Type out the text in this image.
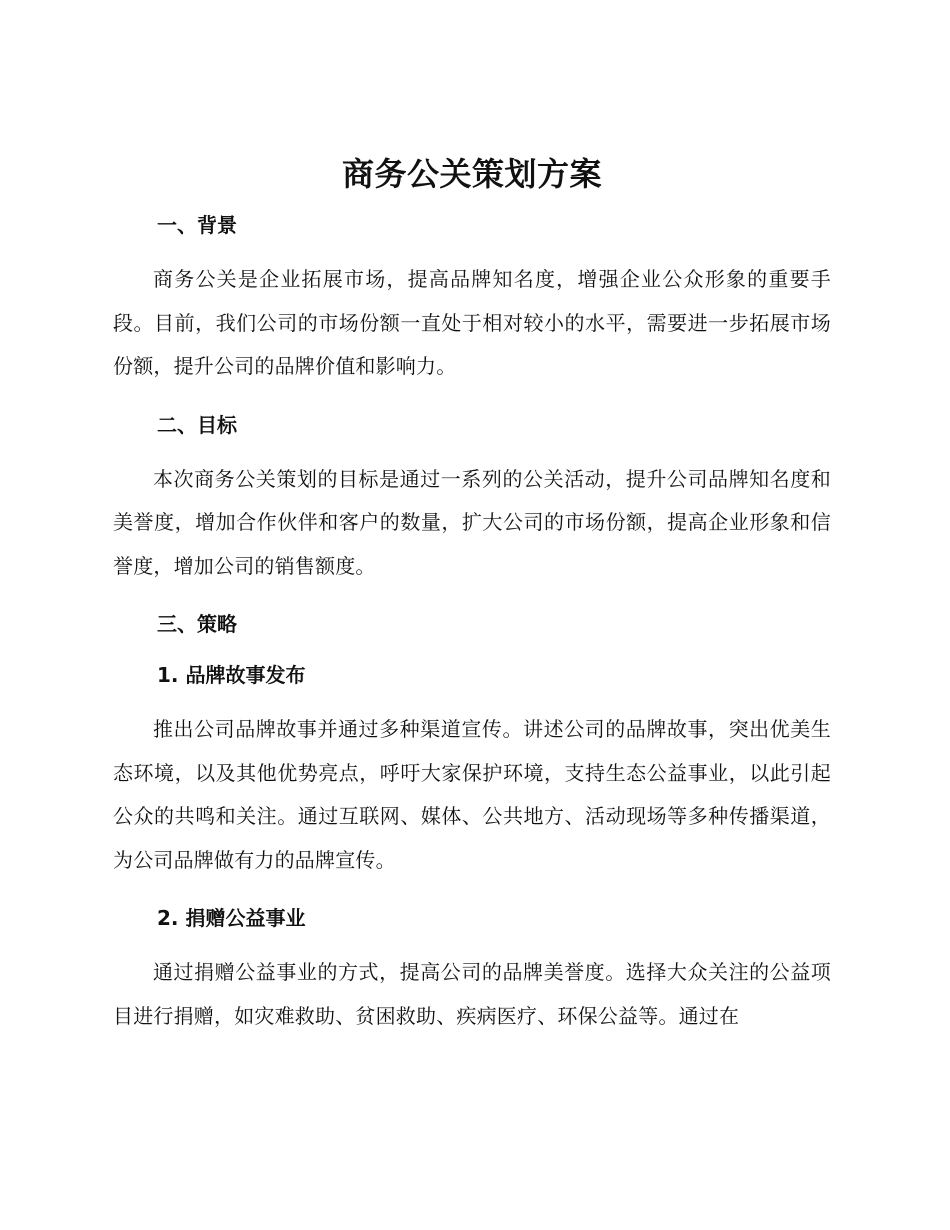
商务公关策划方案
一、背景

商务公关是企业拓展市场，提高品牌知名度，增强企业公众形象的重要手段。目前，我们公司的市场份额一直处于相对较小的水平，需要进一步拓展市场份额，提升公司的品牌价值和影响力。

二、目标

本次商务公关策划的目标是通过一系列的公关活动，提升公司品牌知名度和美誉度，增加合作伙伴和客户的数量，扩大公司的市场份额，提高企业形象和信誉度，增加公司的销售额度。

三、策略
1. 品牌故事发布

推出公司品牌故事并通过多种渠道宣传。讲述公司的品牌故事，突出优美生态环境，以及其他优势亮点，呼吁大家保护环境，支持生态公益事业，以此引起公众的共鸣和关注。通过互联网、媒体、公共地方、活动现场等多种传播渠道，为公司品牌做有力的品牌宣传。

2. 捐赠公益事业

通过捐赠公益事业的方式，提高公司的品牌美誉度。选择大众关注的公益项目进行捐赠，如灾难救助、贫困救助、疾病医疗、环保公益等。通过在
